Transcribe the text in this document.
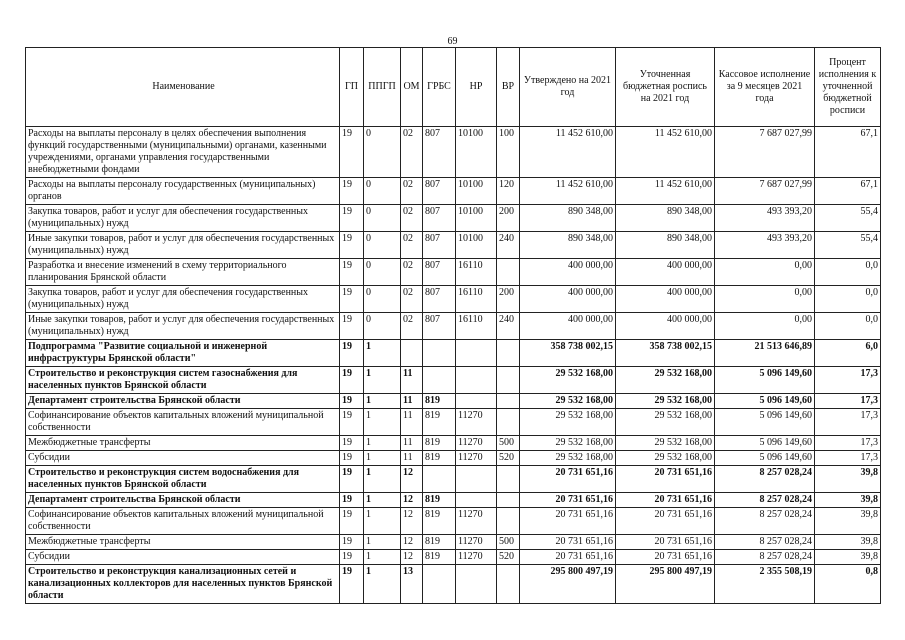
69
Наименование	ГП	ППГП	ОМ	ГРБС	НР	ВР	Утверждено на 2021 год	Уточненная бюджетная роспись на 2021 год	Кассовое исполнение за 9 месяцев 2021 года	Процент исполнения к уточненной бюджетной росписи
Расходы на выплаты персоналу в целях обеспечения выполнения функций государственными (муниципальными) органами, казенными учреждениями, органами управления государственными внебюджетными фондами	19	0	02	807	10100	100	11 452 610,00	11 452 610,00	7 687 027,99	67,1
Расходы на выплаты персоналу государственных (муниципальных) органов	19	0	02	807	10100	120	11 452 610,00	11 452 610,00	7 687 027,99	67,1
Закупка товаров, работ и услуг для обеспечения государственных (муниципальных) нужд	19	0	02	807	10100	200	890 348,00	890 348,00	493 393,20	55,4
Иные закупки товаров, работ и услуг для обеспечения государственных (муниципальных) нужд	19	0	02	807	10100	240	890 348,00	890 348,00	493 393,20	55,4
Разработка и внесение изменений в схему территориального планирования Брянской области	19	0	02	807	16110		400 000,00	400 000,00	0,00	0,0
Закупка товаров, работ и услуг для обеспечения государственных (муниципальных) нужд	19	0	02	807	16110	200	400 000,00	400 000,00	0,00	0,0
Иные закупки товаров, работ и услуг для обеспечения государственных (муниципальных) нужд	19	0	02	807	16110	240	400 000,00	400 000,00	0,00	0,0
Подпрограмма "Развитие социальной и инженерной инфраструктуры Брянской области"	19	1					358 738 002,15	358 738 002,15	21 513 646,89	6,0
Строительство и реконструкция систем газоснабжения для населенных пунктов Брянской области	19	1	11				29 532 168,00	29 532 168,00	5 096 149,60	17,3
Департамент строительства Брянской области	19	1	11	819			29 532 168,00	29 532 168,00	5 096 149,60	17,3
Софинансирование объектов капитальных вложений муниципальной собственности	19	1	11	819	11270		29 532 168,00	29 532 168,00	5 096 149,60	17,3
Межбюджетные трансферты	19	1	11	819	11270	500	29 532 168,00	29 532 168,00	5 096 149,60	17,3
Субсидии	19	1	11	819	11270	520	29 532 168,00	29 532 168,00	5 096 149,60	17,3
Строительство и реконструкция систем водоснабжения для населенных пунктов Брянской области	19	1	12				20 731 651,16	20 731 651,16	8 257 028,24	39,8
Департамент строительства Брянской области	19	1	12	819			20 731 651,16	20 731 651,16	8 257 028,24	39,8
Софинансирование объектов капитальных вложений муниципальной собственности	19	1	12	819	11270		20 731 651,16	20 731 651,16	8 257 028,24	39,8
Межбюджетные трансферты	19	1	12	819	11270	500	20 731 651,16	20 731 651,16	8 257 028,24	39,8
Субсидии	19	1	12	819	11270	520	20 731 651,16	20 731 651,16	8 257 028,24	39,8
Строительство и реконструкция канализационных сетей и канализационных коллекторов для населенных пунктов Брянской области	19	1	13				295 800 497,19	295 800 497,19	2 355 508,19	0,8
